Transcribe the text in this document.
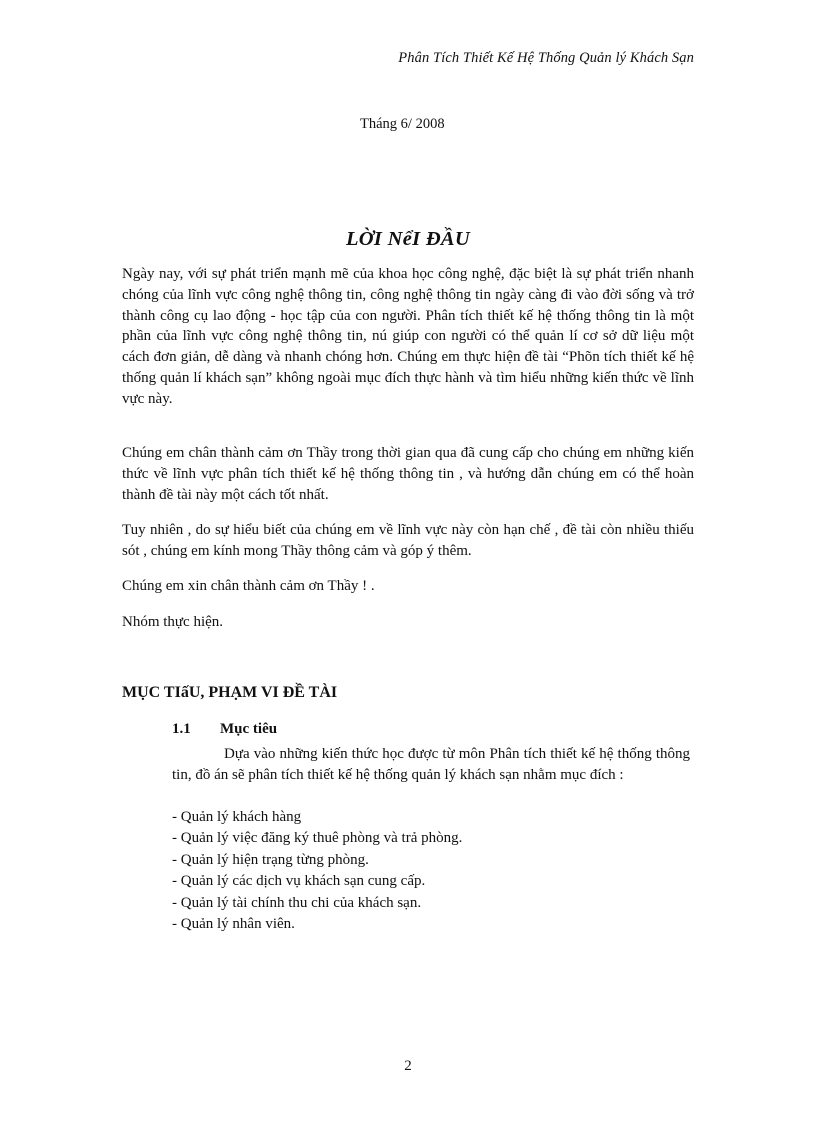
Phân Tích Thiết Kế Hệ Thống Quản lý Khách Sạn
Tháng 6/ 2008
LỜI NểI ĐẦU

Ngày nay, với sự phát triển mạnh mẽ của khoa học công nghệ, đặc biệt là sự phát triển nhanh chóng của lĩnh vực công nghệ thông tin, công nghệ thông tin ngày càng đi vào đời sống và trở thành công cụ lao động - học tập của con người. Phân tích thiết kế hệ thống thông tin là một phần của lĩnh vực công nghệ thông tin, nú giúp con người có thể quản lí cơ sở dữ liệu một cách đơn giản, dễ dàng và nhanh chóng hơn. Chúng em thực hiện đề tài “Phõn tích thiết kế hệ thống quản lí khách sạn” không ngoài mục đích thực hành và tìm hiểu những kiến thức về lĩnh vực này.

Chúng em chân thành cảm ơn Thầy trong thời gian qua đã cung cấp cho chúng em những kiến thức về lĩnh vực phân tích thiết kế hệ thống thông tin , và hướng dẫn chúng em có thể hoàn thành đề tài này một cách tốt nhất.

Tuy nhiên , do sự hiểu biết của chúng em về lĩnh vực này còn hạn chế , đề tài còn nhiều thiếu sót , chúng em kính mong Thầy thông cảm và góp ý thêm.

Chúng em xin chân thành cảm ơn Thầy ! .

Nhóm thực hiện.

MỤC TIấU, PHẠM VI ĐỀ TÀI
1.1 Mục tiêu

Dựa vào những kiến thức học được từ môn Phân tích thiết kế hệ thống thông tin, đồ án sẽ phân tích thiết kế hệ thống quản lý khách sạn nhằm mục đích :

- Quản lý khách hàng
- Quản lý việc đăng ký thuê phòng và trả phòng.
- Quản lý hiện trạng từng phòng.
- Quản lý các dịch vụ khách sạn cung cấp.
- Quản lý tài chính thu chi của khách sạn.
- Quản lý nhân viên.
2
